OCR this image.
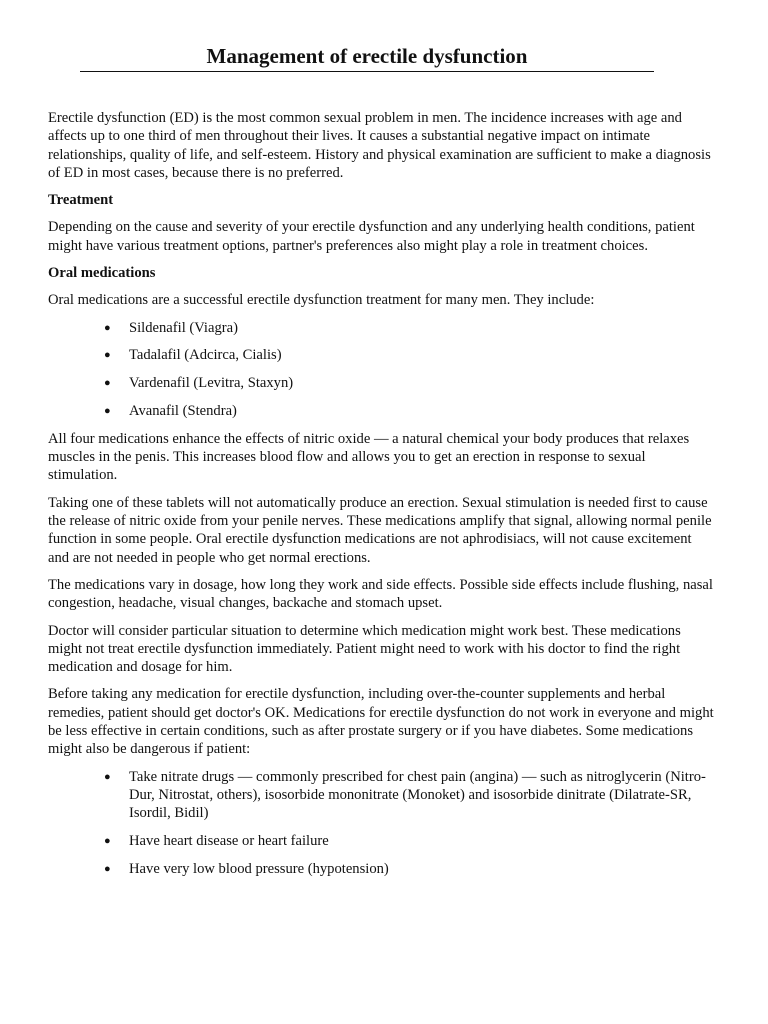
Management of erectile dysfunction

Erectile dysfunction (ED) is the most common sexual problem in men. The incidence increases with age and affects up to one third of men throughout their lives. It causes a substantial negative impact on intimate relationships, quality of life, and self-esteem. History and physical examination are sufficient to make a diagnosis of ED in most cases, because there is no preferred.

Treatment

Depending on the cause and severity of your erectile dysfunction and any underlying health conditions, patient might have various treatment options, partner's preferences also might play a role in treatment choices.

Oral medications

Oral medications are a successful erectile dysfunction treatment for many men. They include:

● Sildenafil (Viagra)
● Tadalafil (Adcirca, Cialis)
● Vardenafil (Levitra, Staxyn)
● Avanafil (Stendra)

All four medications enhance the effects of nitric oxide — a natural chemical your body produces that relaxes muscles in the penis. This increases blood flow and allows you to get an erection in response to sexual stimulation.

Taking one of these tablets will not automatically produce an erection. Sexual stimulation is needed first to cause the release of nitric oxide from your penile nerves. These medications amplify that signal, allowing normal penile function in some people. Oral erectile dysfunction medications are not aphrodisiacs, will not cause excitement and are not needed in people who get normal erections.

The medications vary in dosage, how long they work and side effects. Possible side effects include flushing, nasal congestion, headache, visual changes, backache and stomach upset.

Doctor will consider particular situation to determine which medication might work best. These medications might not treat erectile dysfunction immediately. Patient might need to work with his doctor to find the right medication and dosage for him.

Before taking any medication for erectile dysfunction, including over-the-counter supplements and herbal remedies, patient should get doctor's OK. Medications for erectile dysfunction do not work in everyone and might be less effective in certain conditions, such as after prostate surgery or if you have diabetes. Some medications might also be dangerous if patient:

● Take nitrate drugs — commonly prescribed for chest pain (angina) — such as nitroglycerin (Nitro-Dur, Nitrostat, others), isosorbide mononitrate (Monoket) and isosorbide dinitrate (Dilatrate-SR, Isordil, Bidil)
● Have heart disease or heart failure
● Have very low blood pressure (hypotension)
